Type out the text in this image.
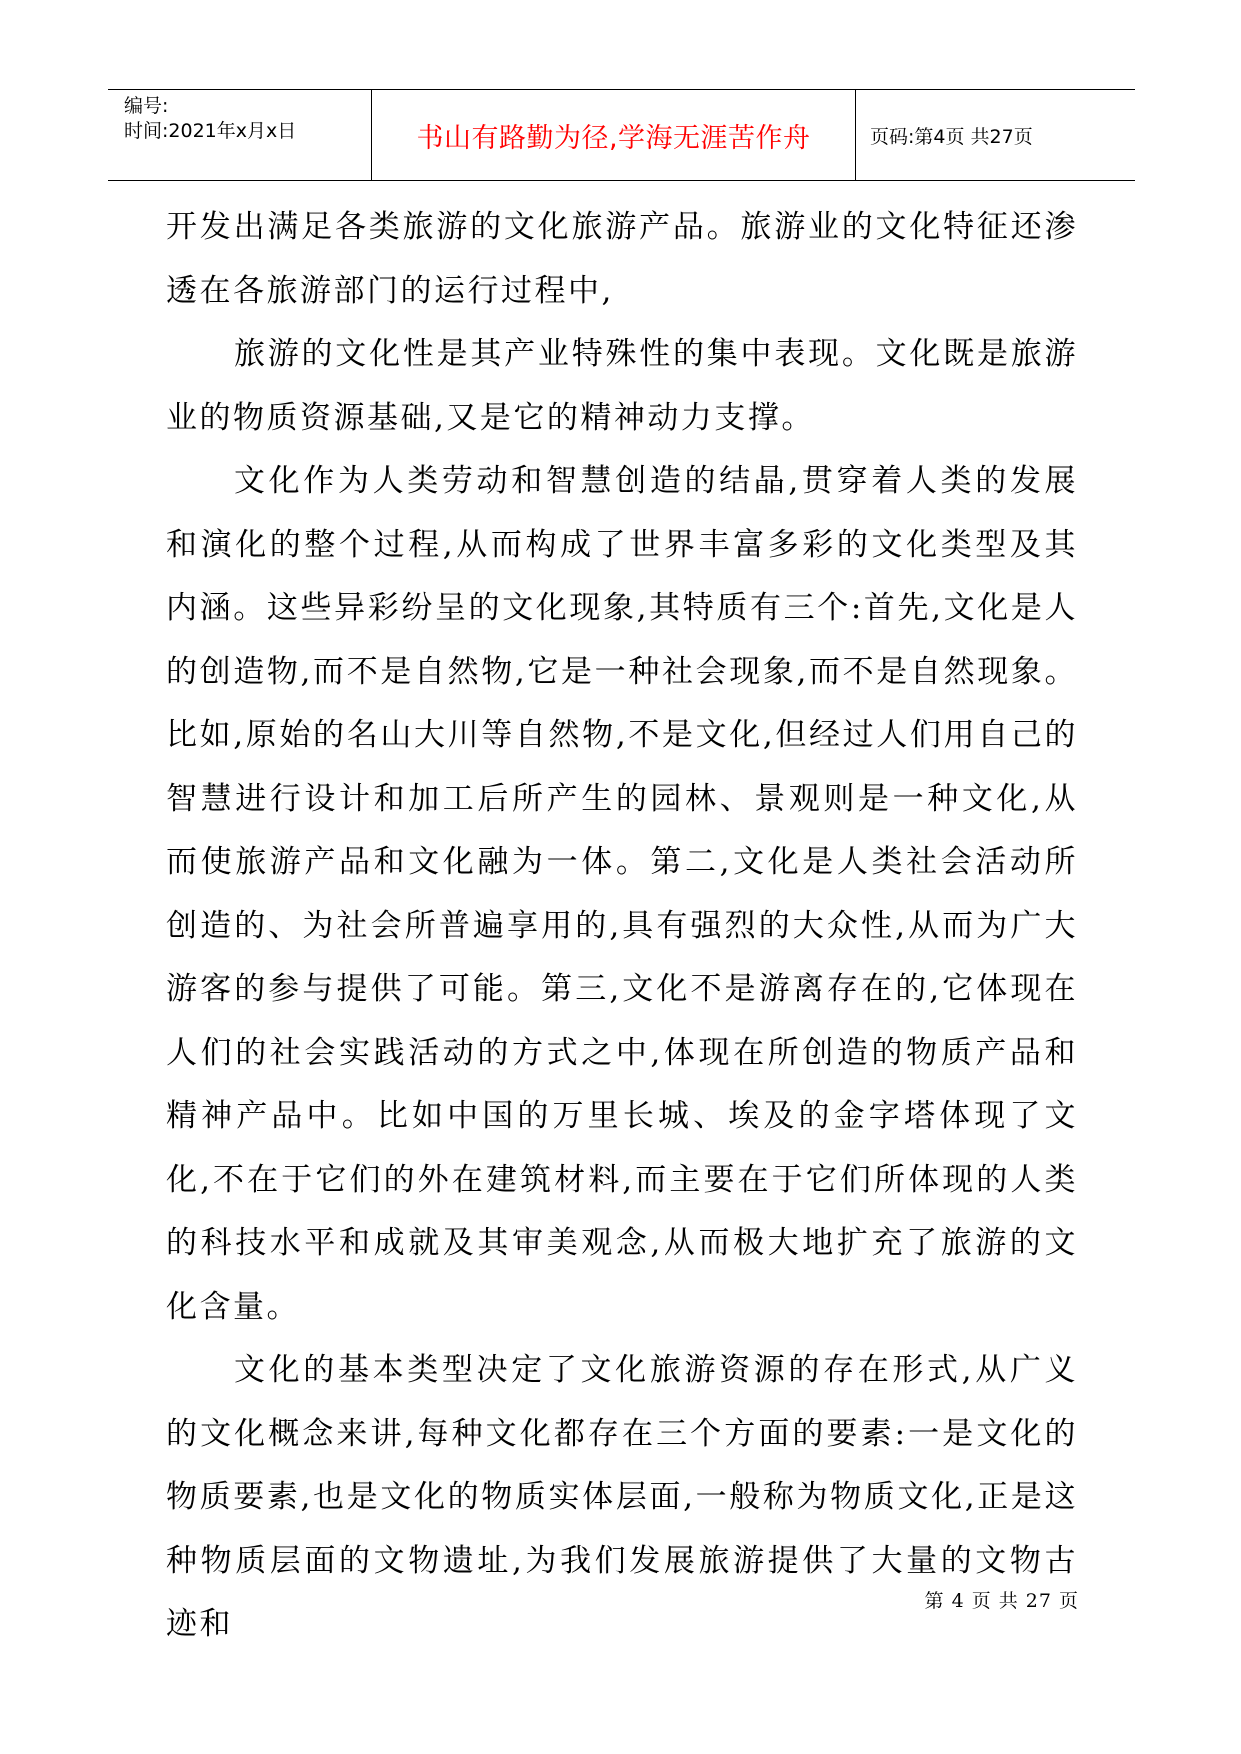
编号:
时间:2021年x月x日	书山有路勤为径,学海无涯苦作舟	页码:第4页 共27页

开发出满足各类旅游的文化旅游产品。旅游业的文化特征还渗透在各旅游部门的运行过程中,

旅游的文化性是其产业特殊性的集中表现。文化既是旅游业的物质资源基础,又是它的精神动力支撑。

文化作为人类劳动和智慧创造的结晶,贯穿着人类的发展和演化的整个过程,从而构成了世界丰富多彩的文化类型及其内涵。这些异彩纷呈的文化现象,其特质有三个:首先,文化是人的创造物,而不是自然物,它是一种社会现象,而不是自然现象。比如,原始的名山大川等自然物,不是文化,但经过人们用自己的智慧进行设计和加工后所产生的园林、景观则是一种文化,从而使旅游产品和文化融为一体。第二,文化是人类社会活动所创造的、为社会所普遍享用的,具有强烈的大众性,从而为广大游客的参与提供了可能。第三,文化不是游离存在的,它体现在人们的社会实践活动的方式之中,体现在所创造的物质产品和精神产品中。比如中国的万里长城、埃及的金字塔体现了文化,不在于它们的外在建筑材料,而主要在于它们所体现的人类的科技水平和成就及其审美观念,从而极大地扩充了旅游的文化含量。

文化的基本类型决定了文化旅游资源的存在形式,从广义的文化概念来讲,每种文化都存在三个方面的要素:一是文化的物质要素,也是文化的物质实体层面,一般称为物质文化,正是这种物质层面的文物遗址,为我们发展旅游提供了大量的文物古迹和

第 4 页 共 27 页
